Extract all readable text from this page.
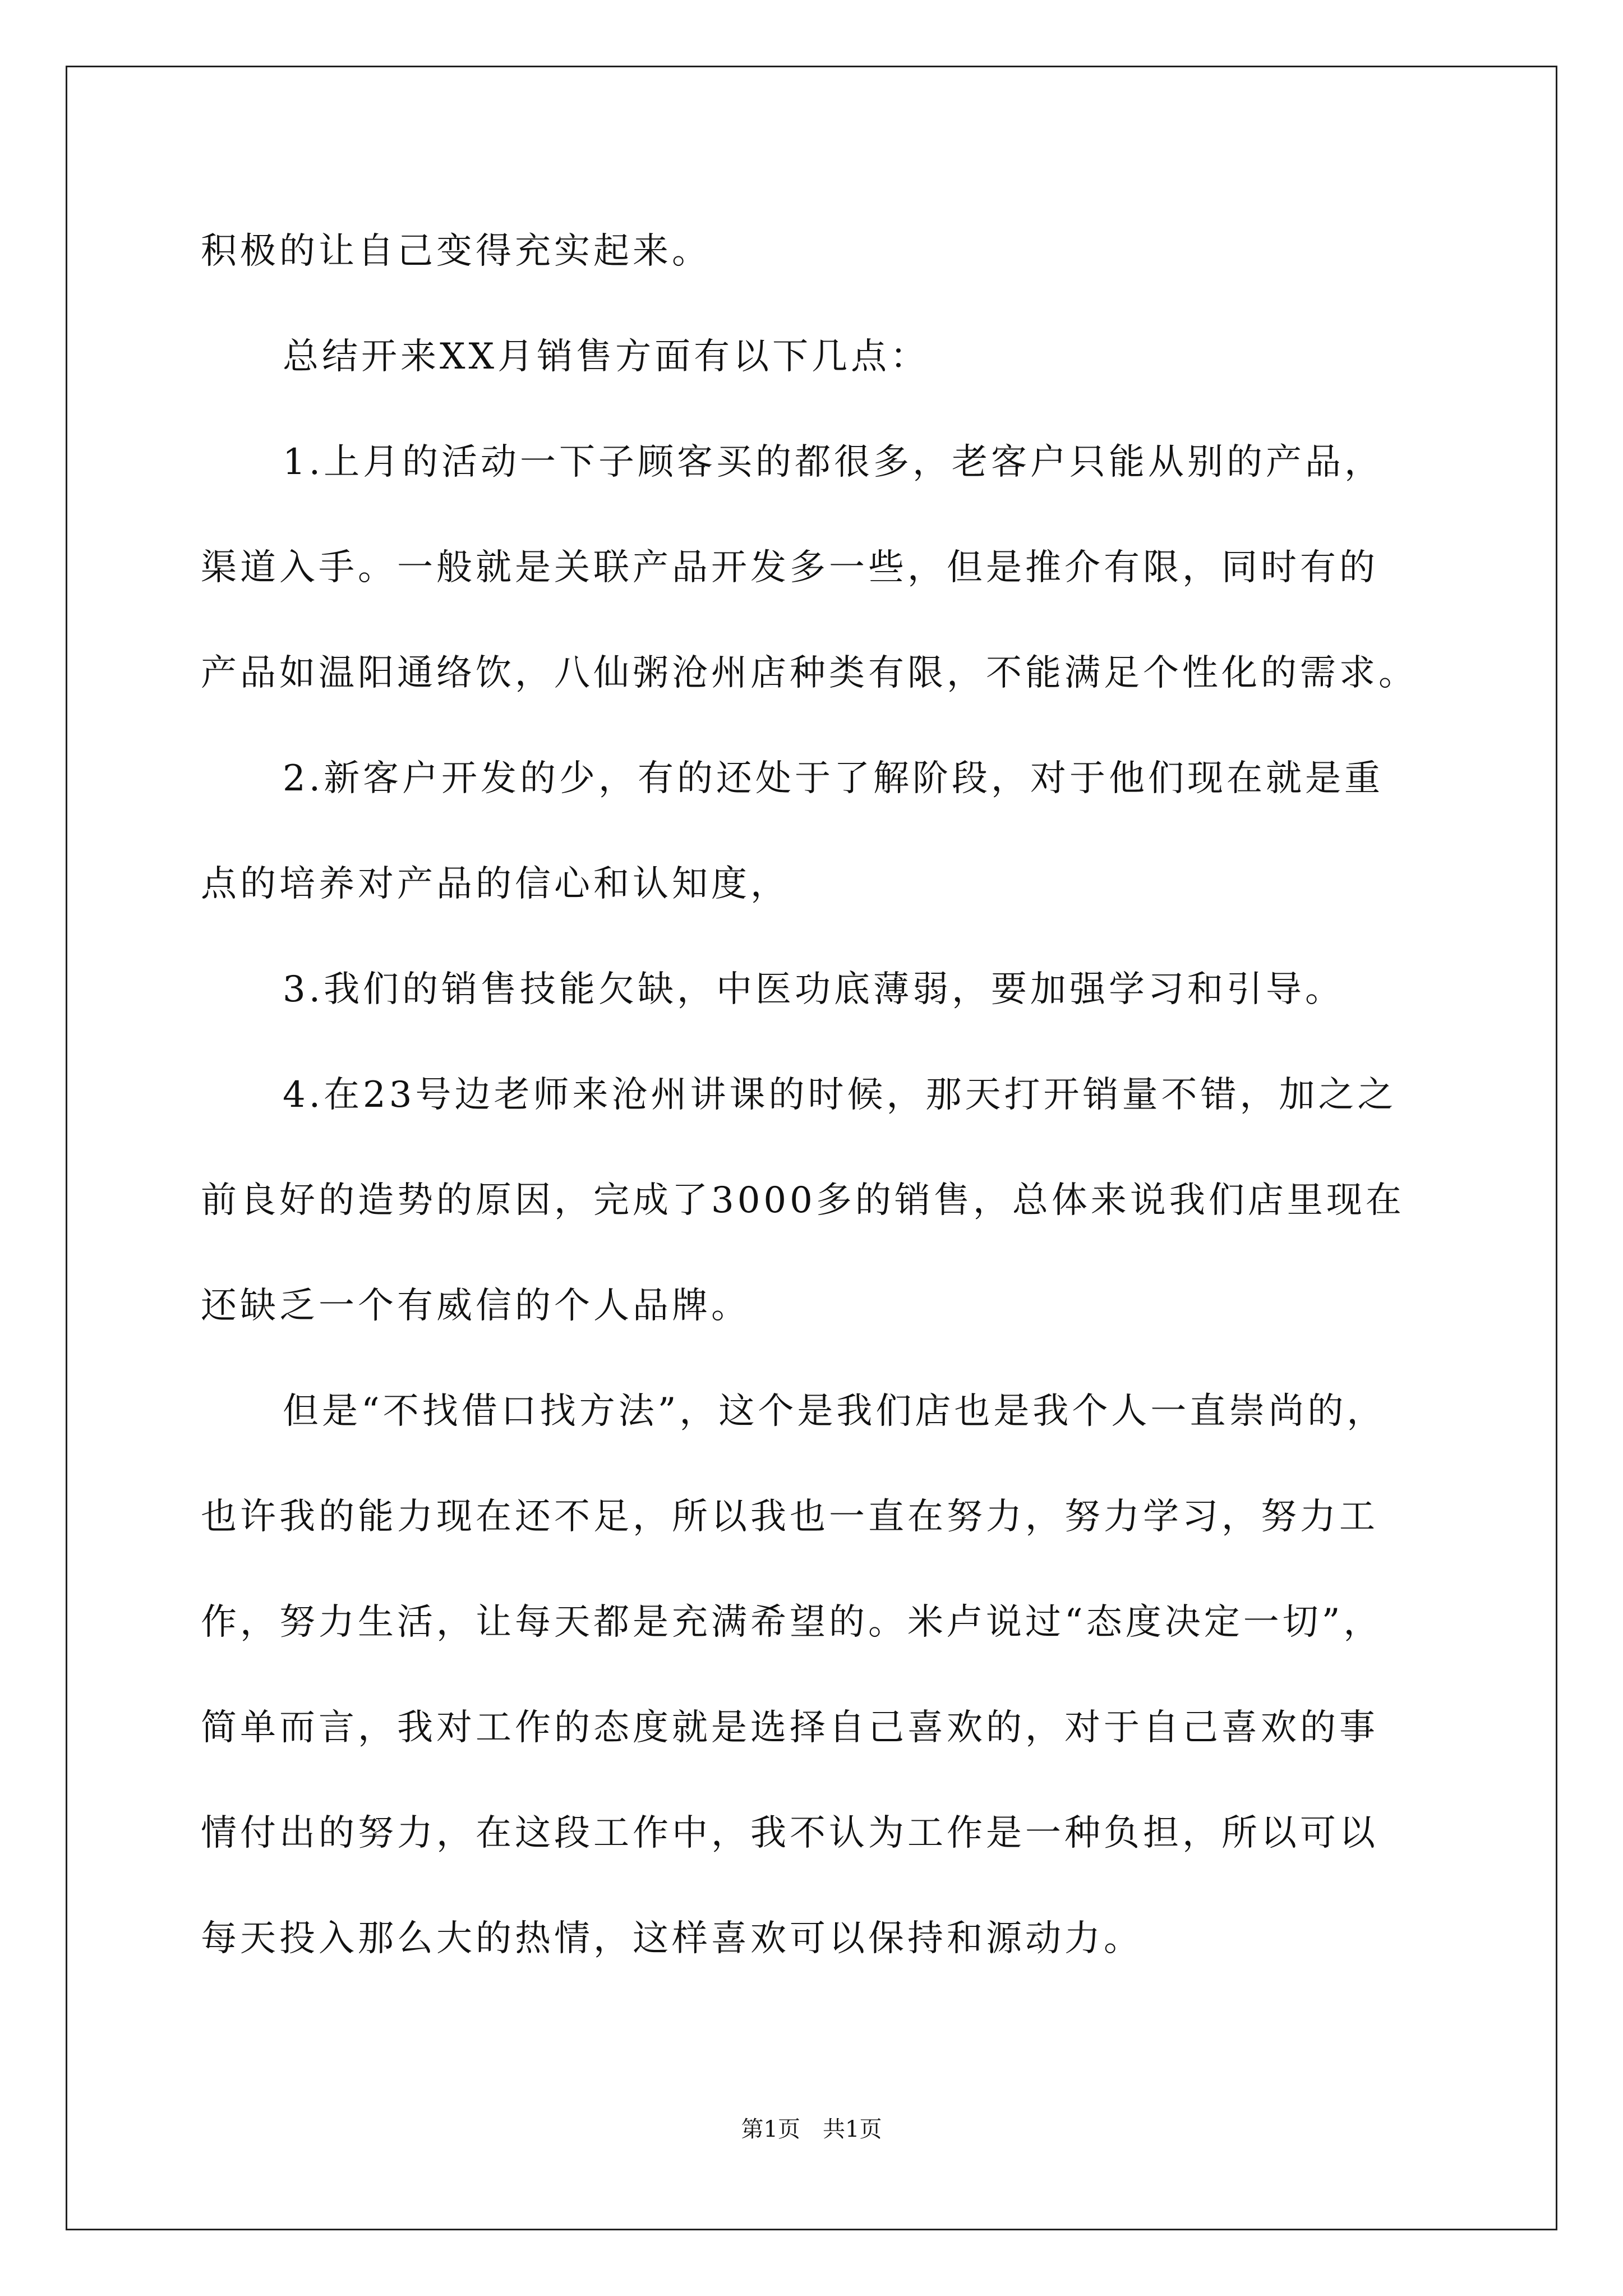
积极的让自己变得充实起来。
总结开来XX月销售方面有以下几点：
1.上月的活动一下子顾客买的都很多，老客户只能从别的产品，
渠道入手。一般就是关联产品开发多一些，但是推介有限，同时有的
产品如温阳通络饮，八仙粥沧州店种类有限，不能满足个性化的需求。
2.新客户开发的少，有的还处于了解阶段，对于他们现在就是重
点的培养对产品的信心和认知度，
3.我们的销售技能欠缺，中医功底薄弱，要加强学习和引导。
4.在23号边老师来沧州讲课的时候，那天打开销量不错，加之之
前良好的造势的原因，完成了3000多的销售，总体来说我们店里现在
还缺乏一个有威信的个人品牌。
但是“不找借口找方法”，这个是我们店也是我个人一直崇尚的，
也许我的能力现在还不足，所以我也一直在努力，努力学习，努力工
作，努力生活，让每天都是充满希望的。米卢说过“态度决定一切”，
简单而言，我对工作的态度就是选择自己喜欢的，对于自己喜欢的事
情付出的努力，在这段工作中，我不认为工作是一种负担，所以可以
每天投入那么大的热情，这样喜欢可以保持和源动力。
第1页  共1页
